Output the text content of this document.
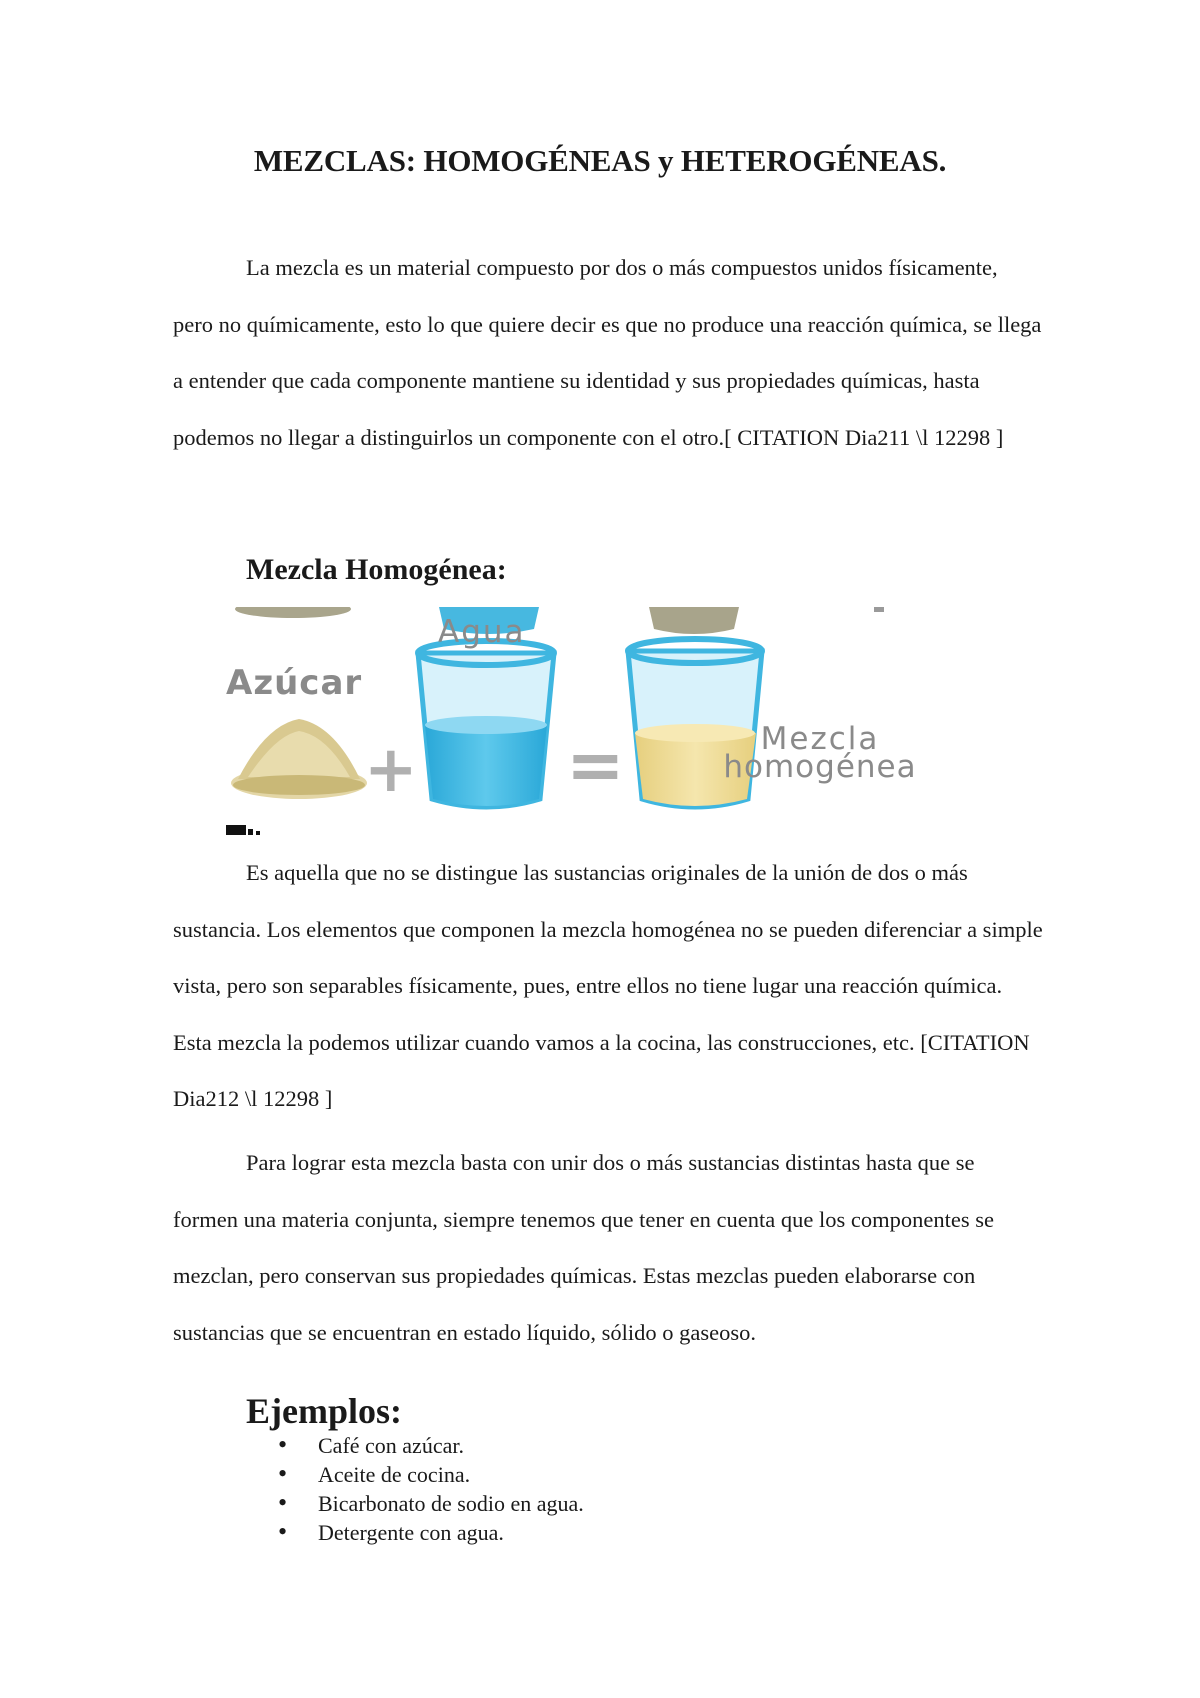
MEZCLAS: HOMOGÉNEAS y HETEROGÉNEAS.

La mezcla es un material compuesto por dos o más compuestos unidos físicamente, pero no químicamente, esto lo que quiere decir es que no produce una reacción química, se llega a entender que cada componente mantiene su identidad y sus propiedades químicas, hasta podemos no llegar a distinguirlos un componente con el otro.[ CITATION Dia211 \l 12298 ]

Mezcla Homogénea:
Azúcar
+
Agua
=	Mezcla
homogénea

Es aquella que no se distingue las sustancias originales de la unión de dos o más sustancia. Los elementos que componen la mezcla homogénea no se pueden diferenciar a simple vista, pero son separables físicamente, pues, entre ellos no tiene lugar una reacción química. Esta mezcla la podemos utilizar cuando vamos a la cocina, las construcciones, etc. [CITATION Dia212 \l 12298 ]

Para lograr esta mezcla basta con unir dos o más sustancias distintas hasta que se formen una materia conjunta, siempre tenemos que tener en cuenta que los componentes se mezclan, pero conservan sus propiedades químicas. Estas mezclas pueden elaborarse con sustancias que se encuentran en estado líquido, sólido o gaseoso.

Ejemplos:
• Café con azúcar.
• Aceite de cocina.
• Bicarbonato de sodio en agua.
• Detergente con agua.
